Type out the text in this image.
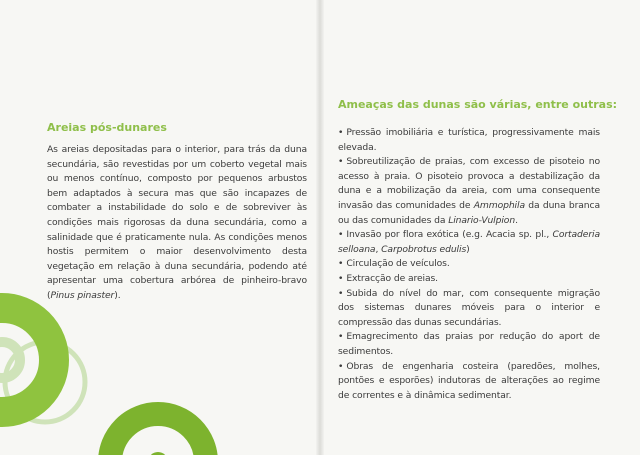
Areias pós-dunares

As areias depositadas para o interior, para trás da duna secundária, são revestidas por um coberto vegetal mais ou menos contínuo, composto por pequenos arbustos bem adaptados à secura mas que são incapazes de combater a instabilidade do solo e de sobreviver às condições mais rigorosas da duna secundária, como a salinidade que é praticamente nula. As condições menos hostis permitem o maior desenvolvimento desta vegetação em relação à duna secundária, podendo até apresentar uma cobertura arbórea de pinheiro-bravo (Pinus pinaster).

Ameaças das dunas são várias, entre outras:
• Pressão imobiliária e turística, progressivamente mais elevada.
• Sobreutilização de praias, com excesso de pisoteio no acesso à praia. O pisoteio provoca a destabilização da duna e a mobilização da areia, com uma consequente invasão das comunidades de Ammophila da duna branca ou das comunidades da Linario-Vulpion.
• Invasão por flora exótica (e.g. Acacia sp. pl., Cortaderia selloana, Carpobrotus edulis)
• Circulação de veículos.
• Extracção de areias.
• Subida do nível do mar, com consequente migração dos sistemas dunares móveis para o interior e compressão das dunas secundárias.
• Emagrecimento das praias por redução do aport de sedimentos.
• Obras de engenharia costeira (paredões, molhes, pontões e esporões) indutoras de alterações ao regime de correntes e à dinâmica sedimentar.
